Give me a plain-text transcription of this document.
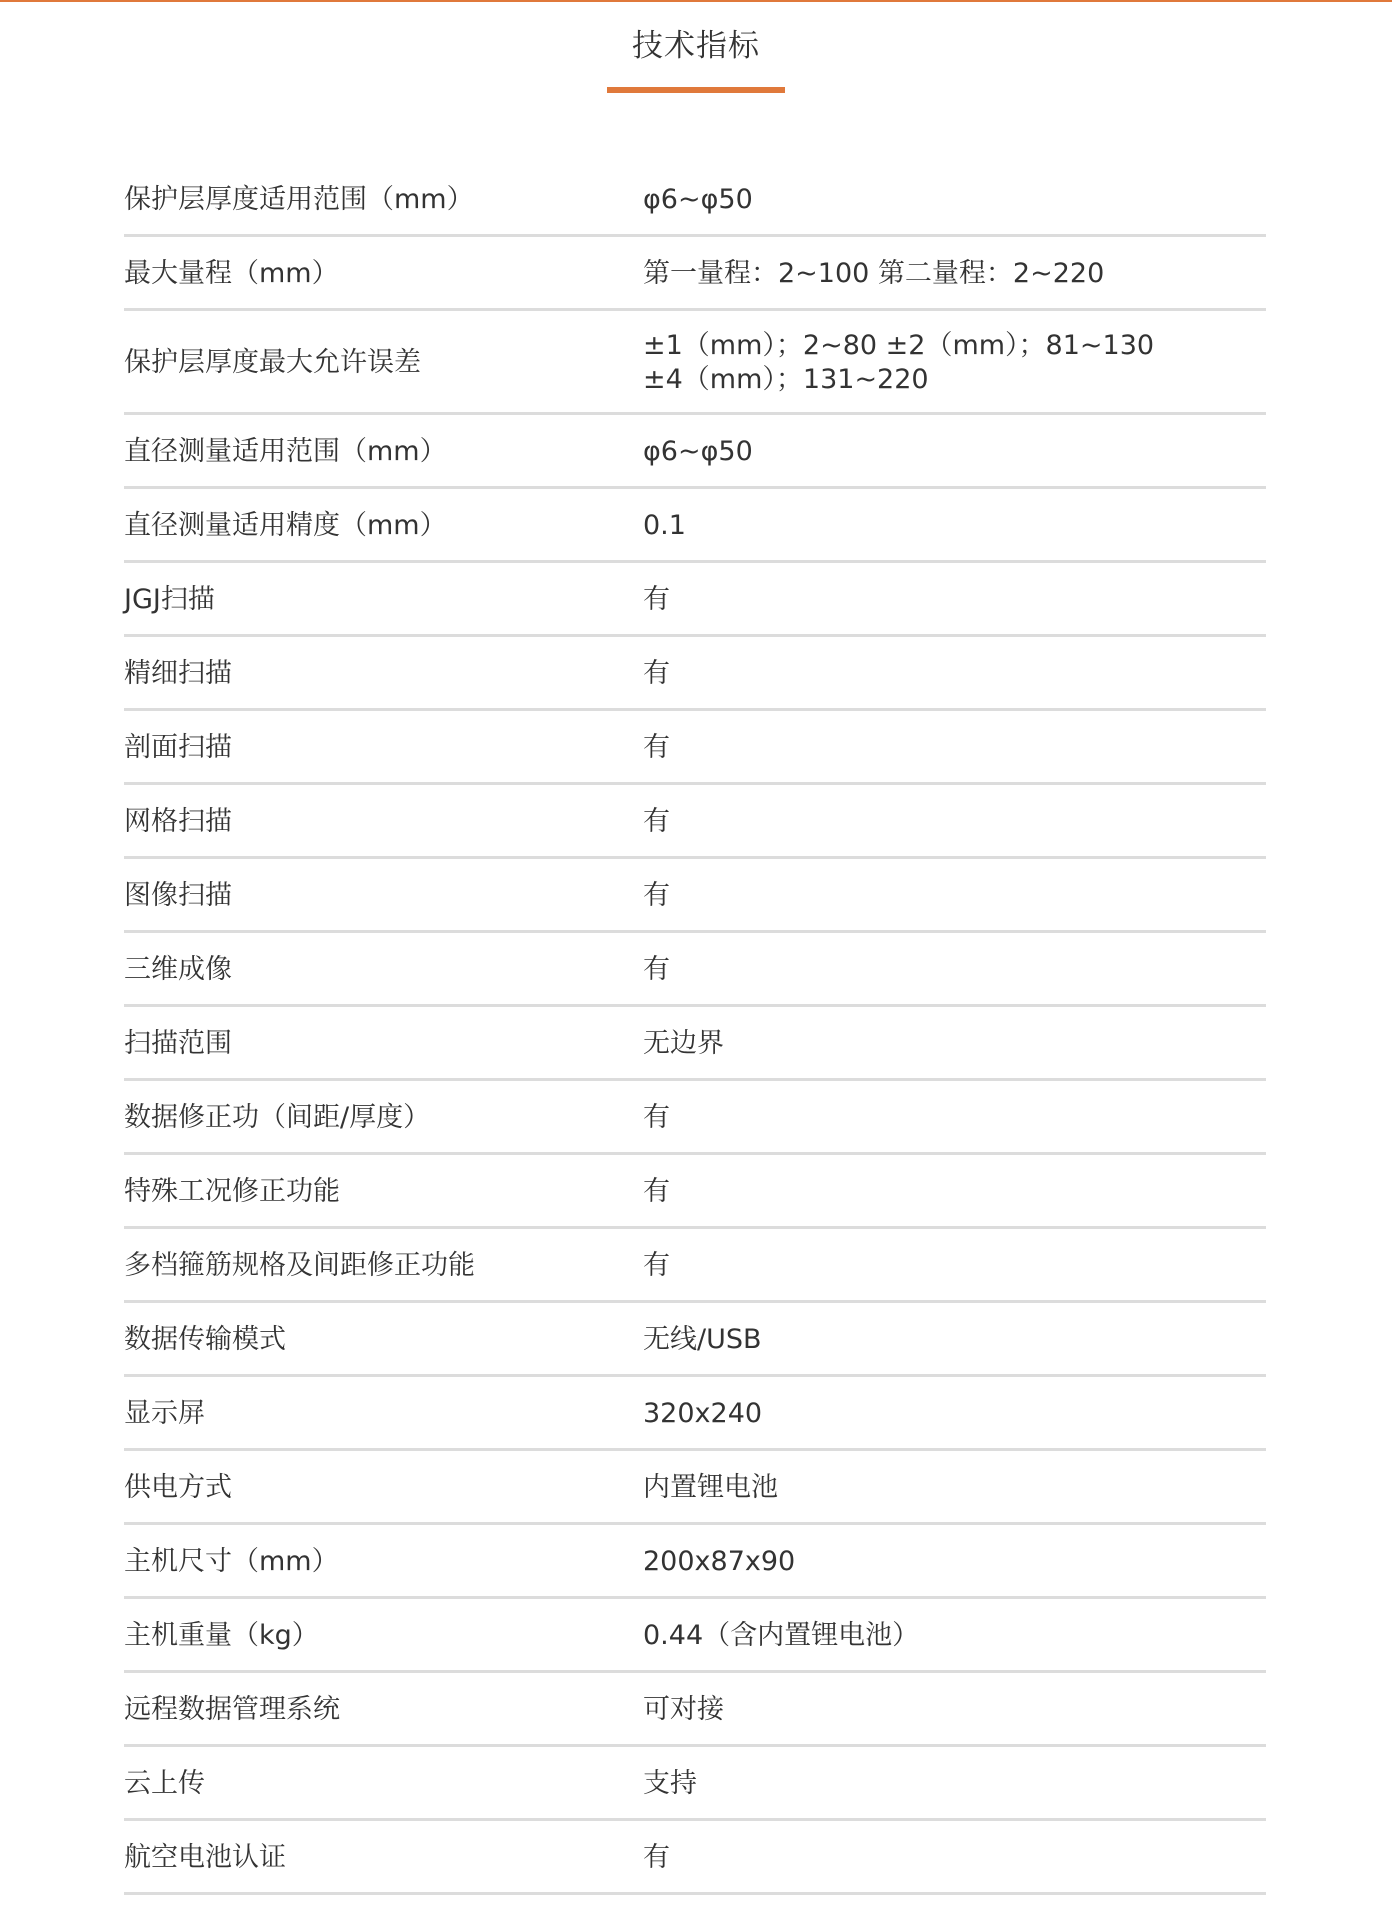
技术指标
保护层厚度适用范围（mm）	φ6~φ50
最大量程（mm）	第一量程：2~100 第二量程：2~220
保护层厚度最大允许误差
±1（mm）；2~80 ±2（mm）；81~130
±4（mm）；131~220
直径测量适用范围（mm）	φ6~φ50
直径测量适用精度（mm）	0.1
JGJ扫描	有
精细扫描	有
剖面扫描	有
网格扫描	有
图像扫描	有
三维成像	有
扫描范围	无边界
数据修正功（间距/厚度）	有
特殊工况修正功能	有
多档箍筋规格及间距修正功能	有
数据传输模式	无线/USB
显示屏	320x240
供电方式	内置锂电池
主机尺寸（mm）	200x87x90
主机重量（kg）	0.44（含内置锂电池）
远程数据管理系统	可对接
云上传	支持
航空电池认证	有
